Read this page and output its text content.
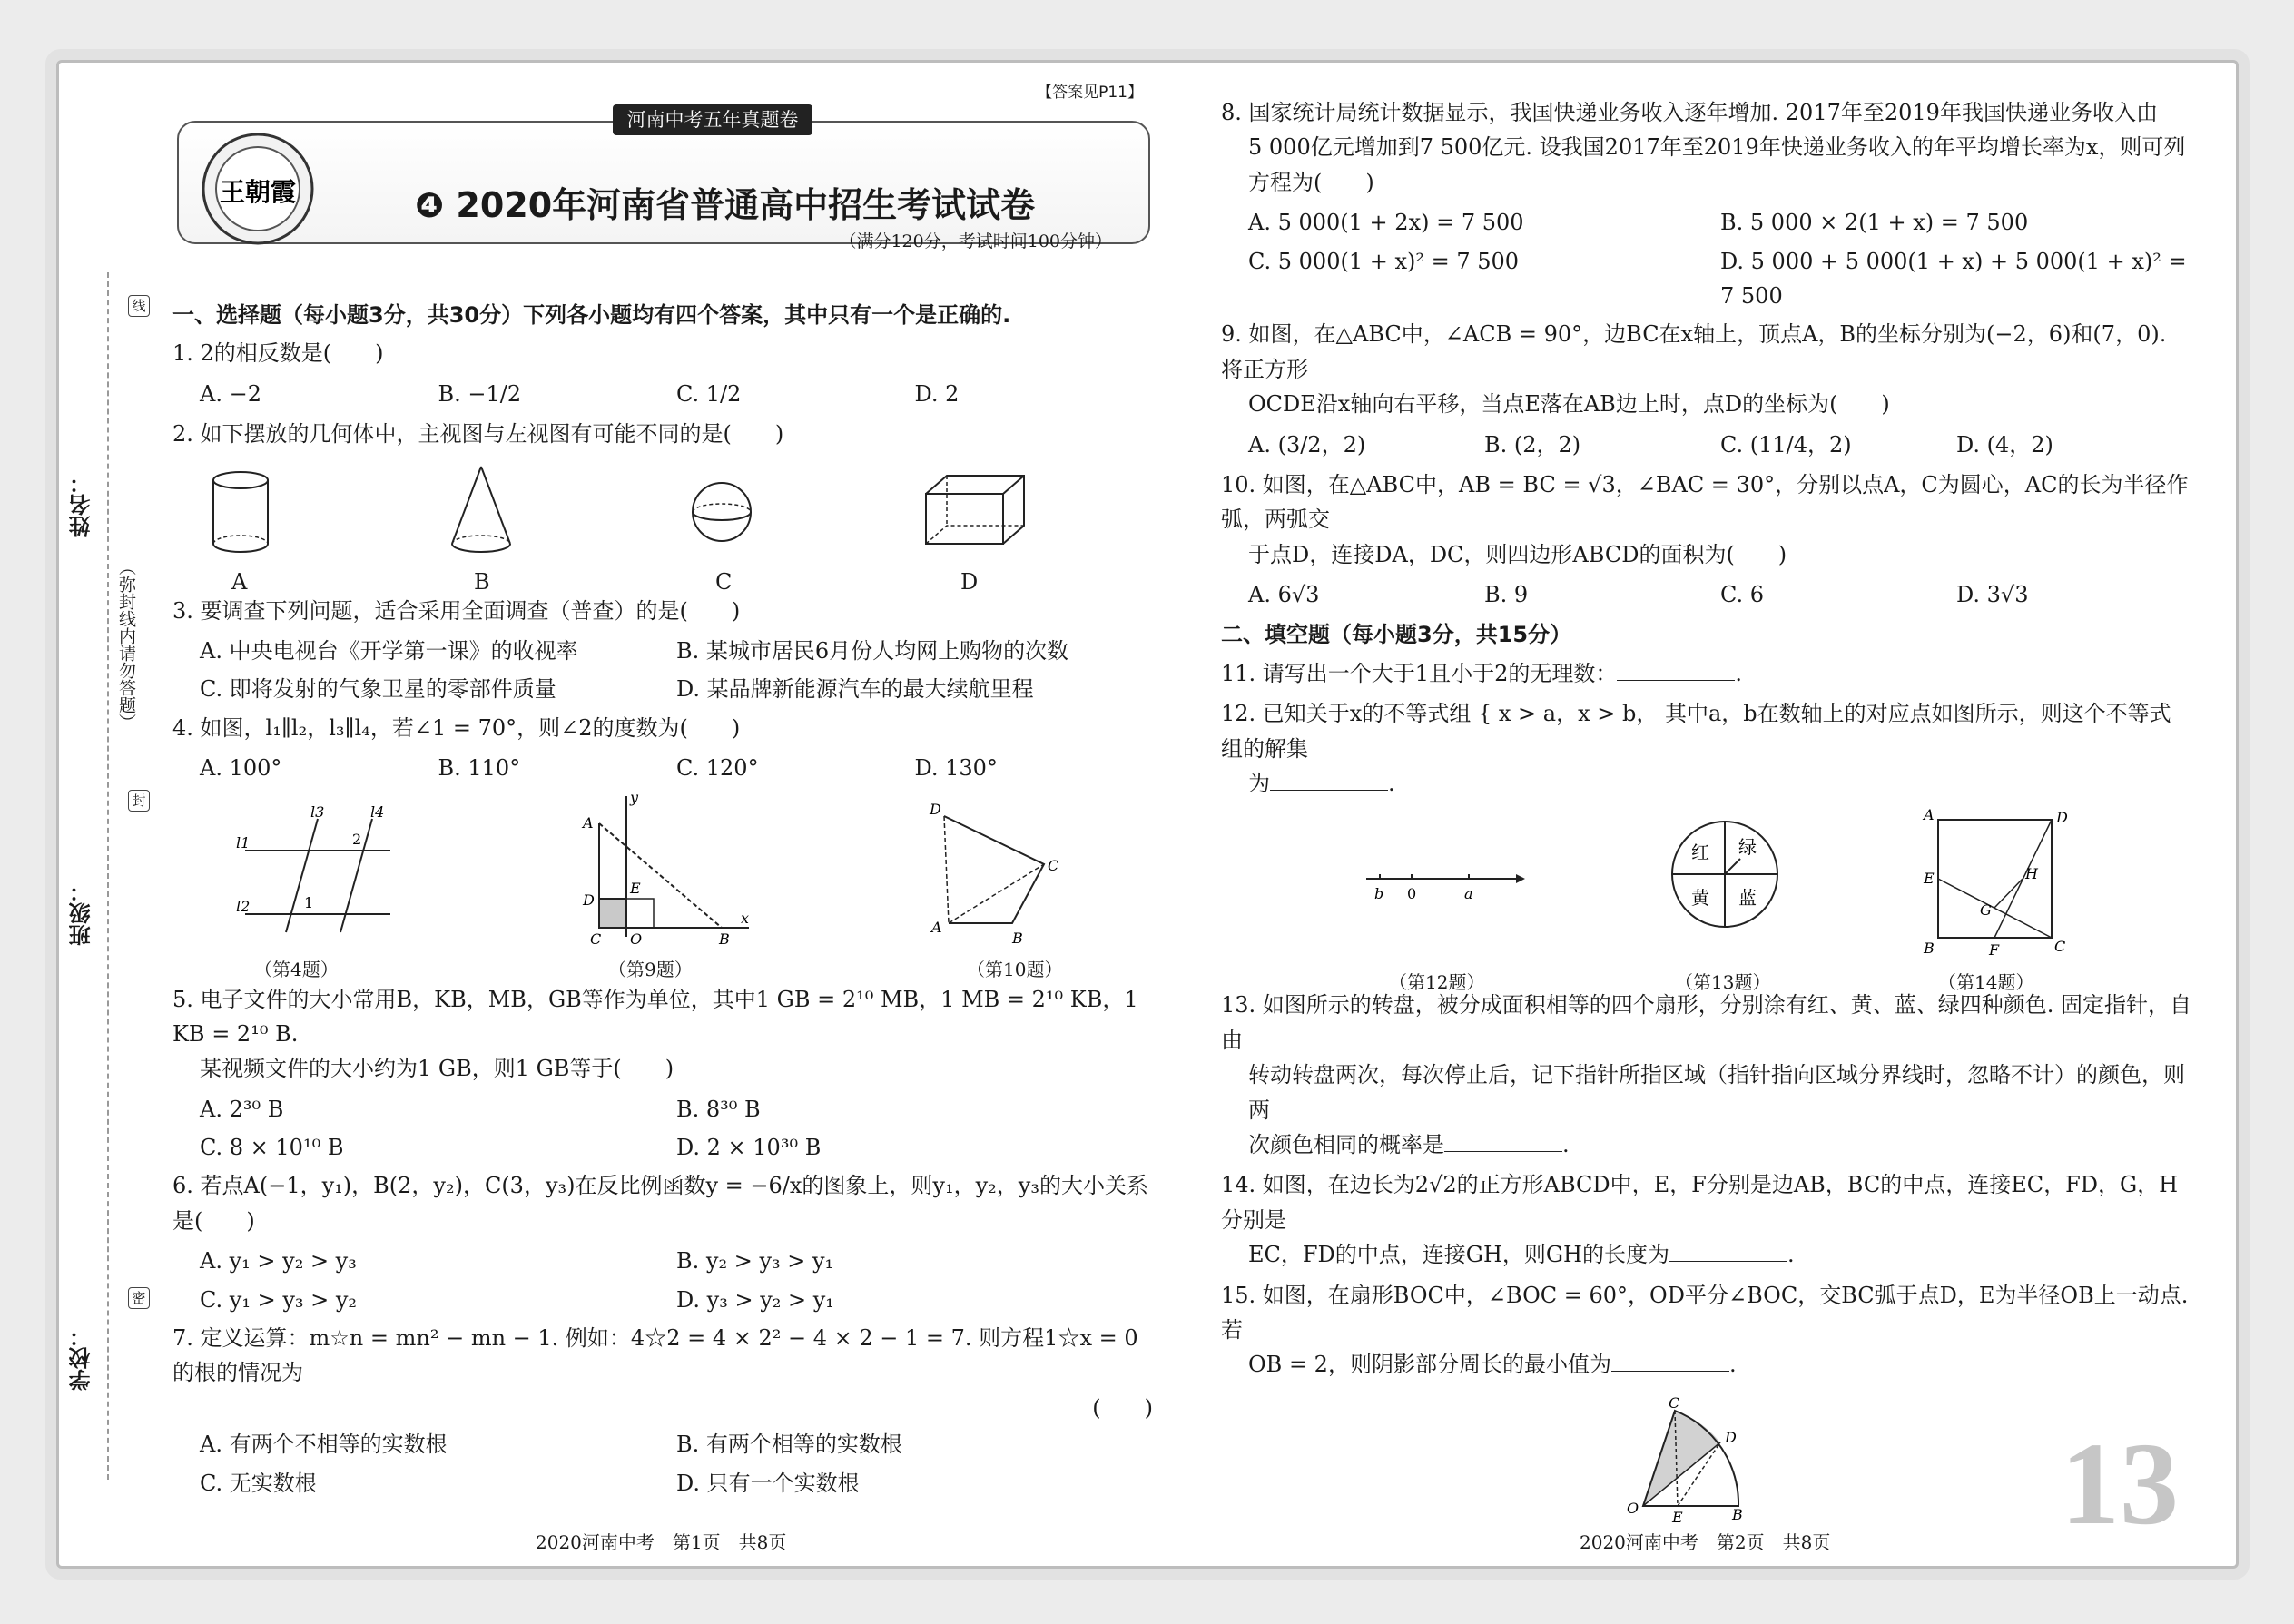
线
封
密
姓名：
班级：
学校：
（弥封线内请勿答题）
【答案见P11】
王朝霞	❹ 2020年河南省普通高中招生考试试卷
（满分120分，考试时间100分钟）
河南中考五年真题卷
一、选择题（每小题3分，共30分）下列各小题均有四个答案，其中只有一个是正确的.
1. 2的相反数是(　　)
A. −2	B. −1/2	C. 1/2	D. 2
2. 如下摆放的几何体中，主视图与左视图有可能不同的是(　　)
A	B	C	D
3. 要调查下列问题，适合采用全面调查（普查）的是(　　)
A. 中央电视台《开学第一课》的收视率	B. 某城市居民6月份人均网上购物的次数
C. 即将发射的气象卫星的零部件质量	D. 某品牌新能源汽车的最大续航里程
4. 如图，l₁∥l₂，l₃∥l₄，若∠1 = 70°，则∠2的度数为(　　)
A. 100°	B. 110°	C. 120°	D. 130°
l3	l4
l1
l2	1
2
A
D
E
C O	B
x
y
D
C
A
B
（第4题）	（第9题）	（第10题）
5. 电子文件的大小常用B，KB，MB，GB等作为单位，其中1 GB = 2¹⁰ MB，1 MB = 2¹⁰ KB，1 KB = 2¹⁰ B.
某视频文件的大小约为1 GB，则1 GB等于(　　)
A. 2³⁰ B	B. 8³⁰ B
C. 8 × 10¹⁰ B	D. 2 × 10³⁰ B
6. 若点A(−1，y₁)，B(2，y₂)，C(3，y₃)在反比例函数y = −6/x的图象上，则y₁，y₂，y₃的大小关系是(　　)
A. y₁ > y₂ > y₃	B. y₂ > y₃ > y₁
C. y₁ > y₃ > y₂	D. y₃ > y₂ > y₁
7. 定义运算：m☆n = mn² − mn − 1. 例如：4☆2 = 4 × 2² − 4 × 2 − 1 = 7. 则方程1☆x = 0的根的情况为
(　　)
A. 有两个不相等的实数根	B. 有两个相等的实数根
C. 无实数根	D. 只有一个实数根
2020河南中考　第1页　共8页
8. 国家统计局统计数据显示，我国快递业务收入逐年增加. 2017年至2019年我国快递业务收入由
5 000亿元增加到7 500亿元. 设我国2017年至2019年快递业务收入的年平均增长率为x，则可列
方程为(　　)
A. 5 000(1 + 2x) = 7 500	B. 5 000 × 2(1 + x) = 7 500
C. 5 000(1 + x)² = 7 500	D. 5 000 + 5 000(1 + x) + 5 000(1 + x)² = 7 500
9. 如图，在△ABC中，∠ACB = 90°，边BC在x轴上，顶点A，B的坐标分别为(−2，6)和(7，0). 将正方形
OCDE沿x轴向右平移，当点E落在AB边上时，点D的坐标为(　　)
A. (3/2，2)	B. (2，2)	C. (11/4，2)	D. (4，2)
10. 如图，在△ABC中，AB = BC = √3，∠BAC = 30°，分别以点A，C为圆心，AC的长为半径作弧，两弧交
于点D，连接DA，DC，则四边形ABCD的面积为(　　)
A. 6√3	B. 9	C. 6	D. 3√3
二、填空题（每小题3分，共15分）
11. 请写出一个大于1且小于2的无理数：	.
12. 已知关于x的不等式组 { x > a，x > b， 其中a，b在数轴上的对应点如图所示，则这个不等式组的解集
为	.
b 0	a
红 绿
黄 蓝
A	D
E	H
G
B	F	C
（第12题）	（第13题）	（第14题）
13. 如图所示的转盘，被分成面积相等的四个扇形，分别涂有红、黄、蓝、绿四种颜色. 固定指针，自由
转动转盘两次，每次停止后，记下指针所指区域（指针指向区域分界线时，忽略不计）的颜色，则两
次颜色相同的概率是	.
14. 如图，在边长为2√2的正方形ABCD中，E，F分别是边AB，BC的中点，连接EC，FD，G，H分别是
EC，FD的中点，连接GH，则GH的长度为	.
15. 如图，在扇形BOC中，∠BOC = 60°，OD平分∠BOC，交BC弧于点D，E为半径OB上一动点. 若
OB = 2，则阴影部分周长的最小值为	.
C
D
O
E	B
2020河南中考　第2页　共8页 13
